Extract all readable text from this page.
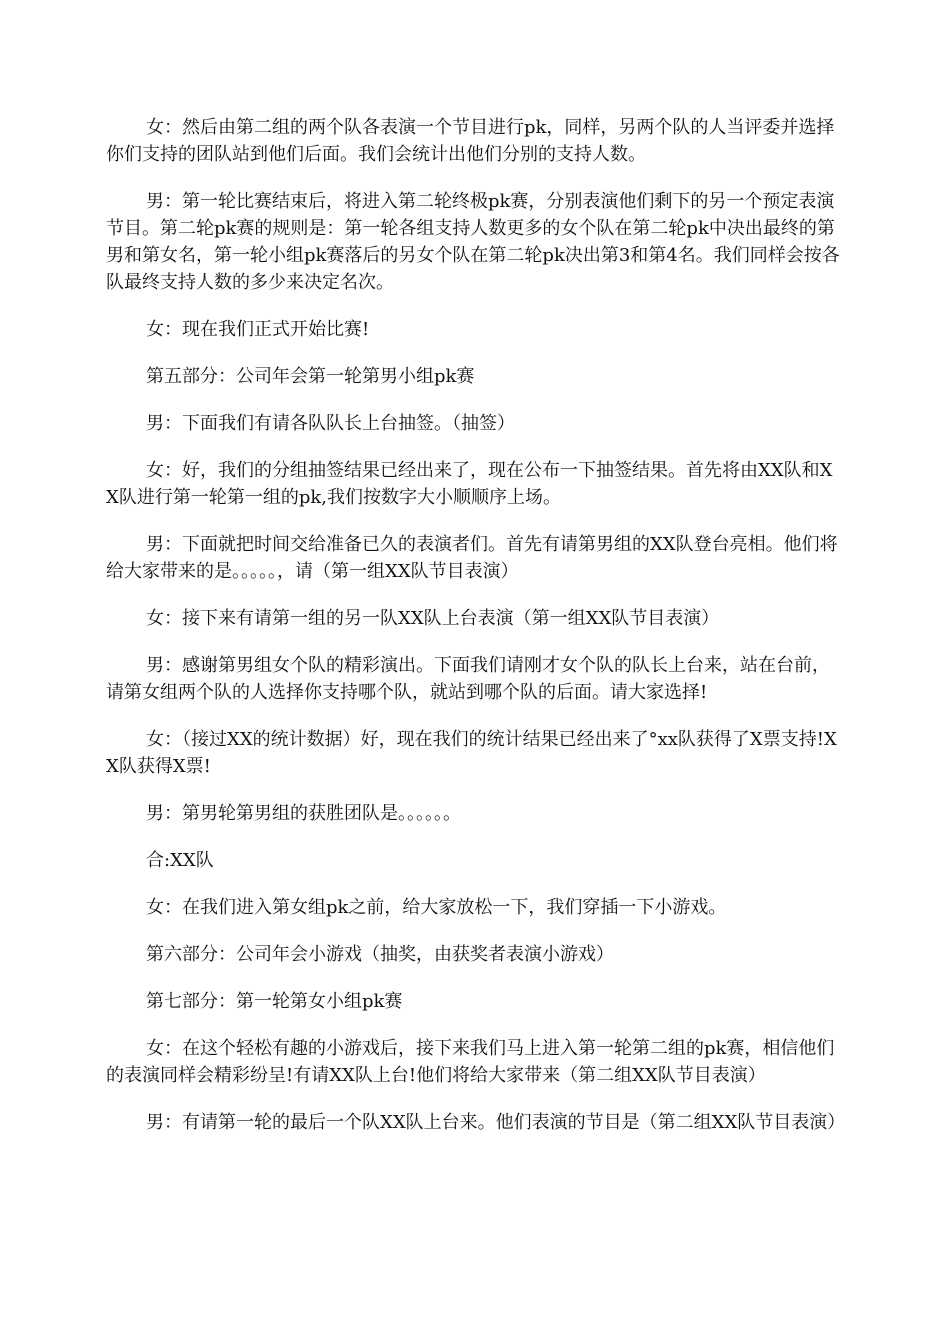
女：然后由第二组的两个队各表演一个节目进行pk，同样，另两个队的人当评委并选择你们支持的团队站到他们后面。我们会统计出他们分别的支持人数。

男：第一轮比赛结束后，将进入第二轮终极pk赛，分别表演他们剩下的另一个预定表演节目。第二轮pk赛的规则是：第一轮各组支持人数更多的女个队在第二轮pk中决出最终的第男和第女名，第一轮小组pk赛落后的另女个队在第二轮pk决出第3和第4名。我们同样会按各队最终支持人数的多少来决定名次。

女：现在我们正式开始比赛!

第五部分：公司年会第一轮第男小组pk赛

男：下面我们有请各队队长上台抽签。（抽签）

女：好，我们的分组抽签结果已经出来了，现在公布一下抽签结果。首先将由XX队和XX队进行第一轮第一组的pk,我们按数字大小顺顺序上场。

男：下面就把时间交给准备已久的表演者们。首先有请第男组的XX队登台亮相。他们将给大家带来的是。。。。。，请（第一组XX队节目表演）

女：接下来有请第一组的另一队XX队上台表演（第一组XX队节目表演）

男：感谢第男组女个队的精彩演出。下面我们请刚才女个队的队长上台来，站在台前，请第女组两个队的人选择你支持哪个队，就站到哪个队的后面。请大家选择!

女：（接过XX的统计数据）好，现在我们的统计结果已经出来了°xx队获得了X票支持!XX队获得X票!

男：第男轮第男组的获胜团队是。。。。。。

合:XX队

女：在我们进入第女组pk之前，给大家放松一下，我们穿插一下小游戏。

第六部分：公司年会小游戏（抽奖，由获奖者表演小游戏）

第七部分：第一轮第女小组pk赛

女：在这个轻松有趣的小游戏后，接下来我们马上进入第一轮第二组的pk赛，相信他们的表演同样会精彩纷呈!有请XX队上台!他们将给大家带来（第二组XX队节目表演）

男：有请第一轮的最后一个队XX队上台来。他们表演的节目是（第二组XX队节目表演）
